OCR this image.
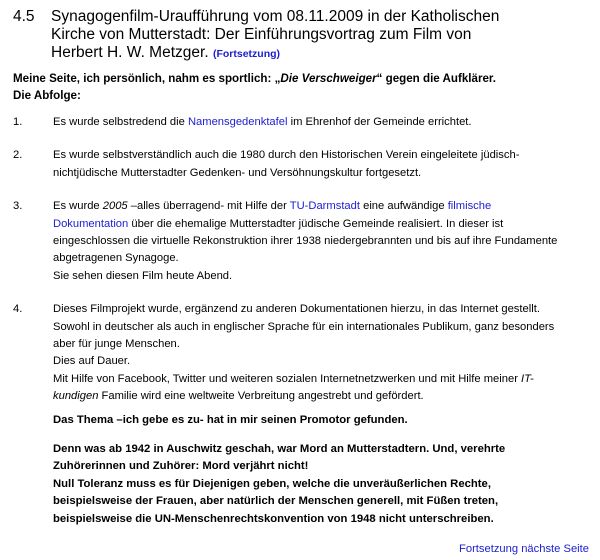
4.5	Synagogenfilm-Uraufführung vom 08.11.2009 in der Katholischen
Kirche von Mutterstadt: Der Einführungsvortrag zum Film von
Herbert H. W. Metzger. (Fortsetzung)
Meine Seite, ich persönlich, nahm es sportlich: „Die Verschweiger“ gegen die Aufklärer.
Die Abfolge:
1.	Es wurde selbstredend die Namensgedenktafel im Ehrenhof der Gemeinde errichtet.
2.	Es wurde selbstverständlich auch die 1980 durch den Historischen Verein eingeleitete jüdisch-
nichtjüdische Mutterstadter Gedenken- und Versöhnungskultur fortgesetzt.
3.	Es wurde 2005 –alles überragend- mit Hilfe der TU-Darmstadt eine aufwändige filmische
Dokumentation über die ehemalige Mutterstadter jüdische Gemeinde realisiert. In dieser ist
eingeschlossen die virtuelle Rekonstruktion ihrer 1938 niedergebrannten und bis auf ihre Fundamente
abgetragenen Synagoge.
Sie sehen diesen Film heute Abend.
4.	Dieses Filmprojekt wurde, ergänzend zu anderen Dokumentationen hierzu, in das Internet gestellt.
Sowohl in deutscher als auch in englischer Sprache für ein internationales Publikum, ganz besonders
aber für junge Menschen.
Dies auf Dauer.
Mit Hilfe von Facebook, Twitter und weiteren sozialen Internetnetzwerken und mit Hilfe meiner IT-
kundigen Familie wird eine weltweite Verbreitung angestrebt und gefördert.
Das Thema –ich gebe es zu- hat in mir seinen Promotor gefunden.
Denn was ab 1942 in Auschwitz geschah, war Mord an Mutterstadtern. Und, verehrte
Zuhörerinnen und Zuhörer: Mord verjährt nicht!
Null Toleranz muss es für Diejenigen geben, welche die unveräußerlichen Rechte,
beispielsweise der Frauen, aber natürlich der Menschen generell, mit Füßen treten,
beispielsweise die UN-Menschenrechtskonvention von 1948 nicht unterschreiben.
Fortsetzung nächste Seite
